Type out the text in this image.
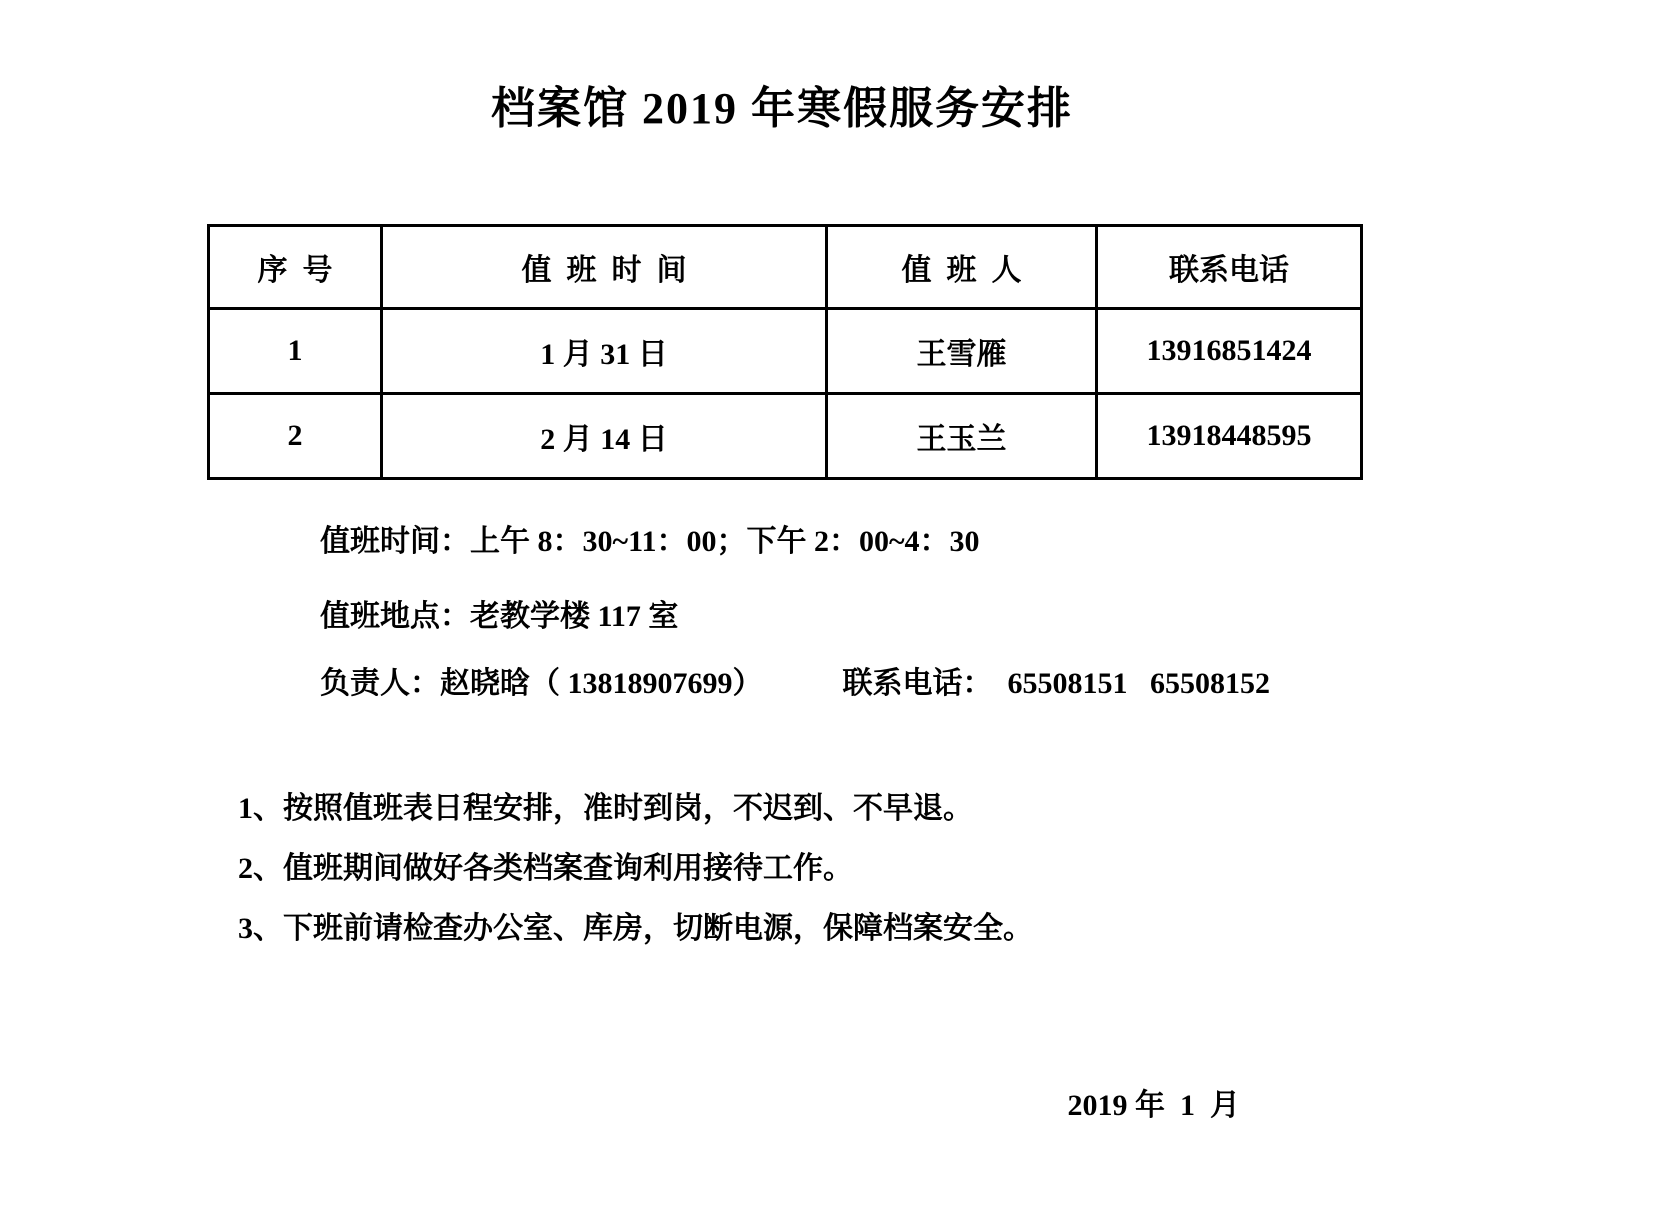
档案馆 2019 年寒假服务安排
序  号	值  班  时  间	值  班  人	联系电话
1	1 月 31 日	王雪雁	13916851424
2	2 月 14 日	王玉兰	13918448595

值班时间：上午 8：30~11：00；下午 2：00~4：30

值班地点：老教学楼 117 室

负责人：赵晓晗（ 13818907699）	联系电话：  65508151   65508152

1、按照值班表日程安排，准时到岗，不迟到、不早退。

2、值班期间做好各类档案查询利用接待工作。

3、下班前请检查办公室、库房，切断电源，保障档案安全。

2019 年  1  月
